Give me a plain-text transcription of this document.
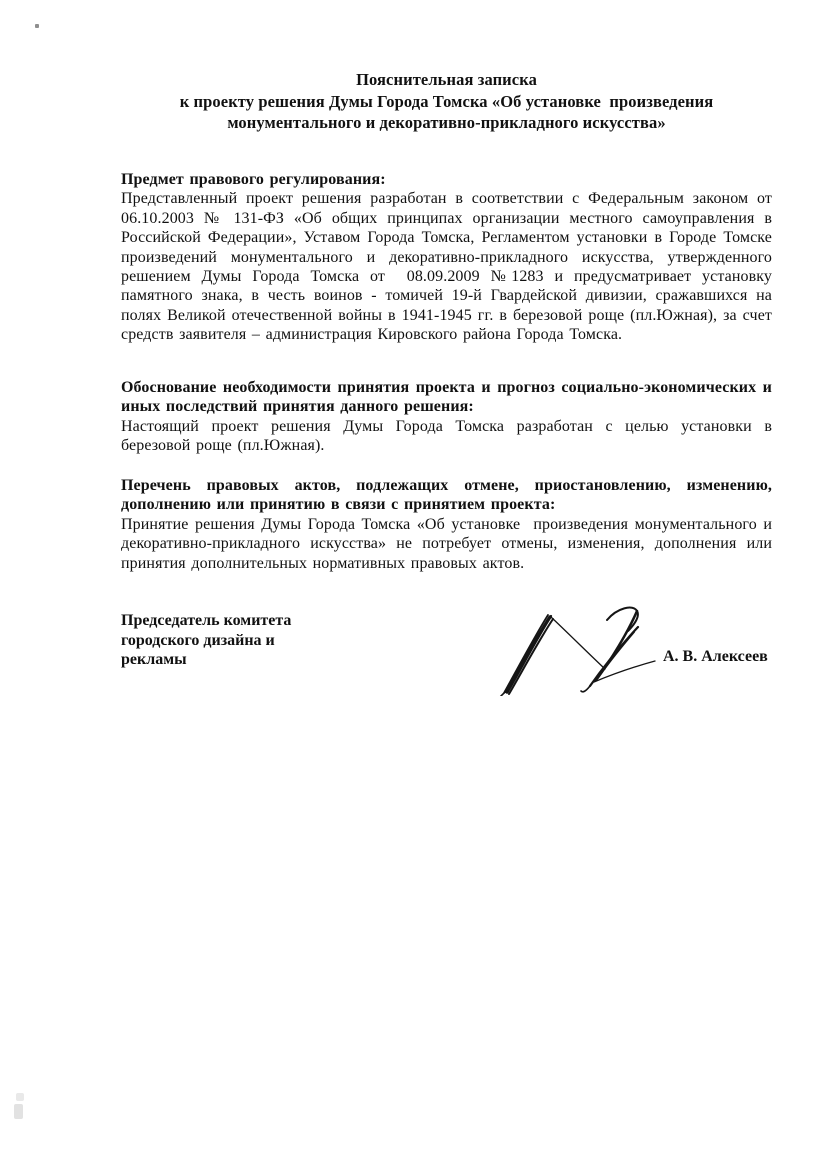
Пояснительная записка
к проекту решения Думы Города Томска «Об установке  произведения
монументального и декоративно-прикладного искусства»
Предмет правового регулирования:
Представленный проект решения разработан в соответствии с Федеральным законом от 06.10.2003 № 131-ФЗ «Об общих принципах организации местного самоуправления в Российской Федерации», Уставом Города Томска, Регламентом установки в Городе Томске произведений монументального и декоративно-прикладного искусства, утвержденного решением Думы Города Томска от  08.09.2009 №1283 и предусматривает установку памятного знака, в честь воинов - томичей 19-й Гвардейской дивизии, сражавшихся на полях Великой отечественной войны в 1941-1945 гг. в березовой роще (пл.Южная), за счет средств заявителя – администрация Кировского района Города Томска.
Обоснование необходимости принятия проекта и прогноз социально-экономических и иных последствий принятия данного решения:
Настоящий проект решения Думы Города Томска разработан с целью установки в березовой роще (пл.Южная).
Перечень правовых актов, подлежащих отмене, приостановлению, изменению, дополнению или принятию в связи с принятием проекта:
Принятие решения Думы Города Томска «Об установке  произведения монументального и декоративно-прикладного искусства» не потребует отмены, изменения, дополнения или принятия дополнительных нормативных правовых актов.
Председатель комитета
городского дизайна и
рекламы	А. В. Алексеев
